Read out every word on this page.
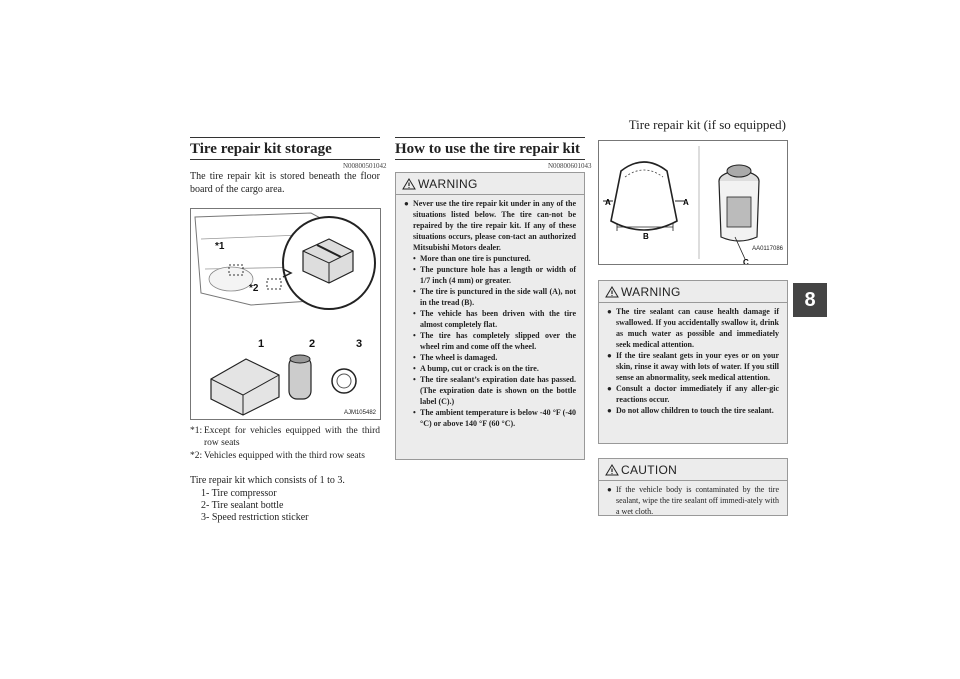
Tire repair kit (if so equipped)
8
Tire repair kit storage
N00800501042
The tire repair kit is stored beneath the floor board of the cargo area.
*1
*2
1	2	3
AJM105482
*1: Except for vehicles equipped with the third row seats
*2: Vehicles equipped with the third row seats
Tire repair kit which consists of 1 to 3.
1- Tire compressor
2- Tire sealant bottle
3- Speed restriction sticker
How to use the tire repair kit
N00800601043
WARNING
● Never use the tire repair kit under in any of the situations listed below. The tire can-not be repaired by the tire repair kit. If any of these situations occurs, please con-tact an authorized Mitsubishi Motors dealer.
• More than one tire is punctured.
• The puncture hole has a length or width of 1/7 inch (4 mm) or greater.
• The tire is punctured in the side wall (A), not in the tread (B).
• The vehicle has been driven with the tire almost completely flat.
• The tire has completely slipped over the wheel rim and come off the wheel.
• The wheel is damaged.
• A bump, cut or crack is on the tire.
• The tire sealant’s expiration date has passed. (The expiration date is shown on the bottle label (C).)
• The ambient temperature is below -40 °F (-40 °C) or above 140 °F (60 °C).
A	A
B
C
AA0117086
WARNING
● The tire sealant can cause health damage if swallowed. If you accidentally swallow it, drink as much water as possible and immediately seek medical attention.
● If the tire sealant gets in your eyes or on your skin, rinse it away with lots of water. If you still sense an abnormality, seek medical attention.
● Consult a doctor immediately if any aller-gic reactions occur.
● Do not allow children to touch the tire sealant.
CAUTION
● If the vehicle body is contaminated by the tire sealant, wipe the tire sealant off immedi-ately with a wet cloth.
